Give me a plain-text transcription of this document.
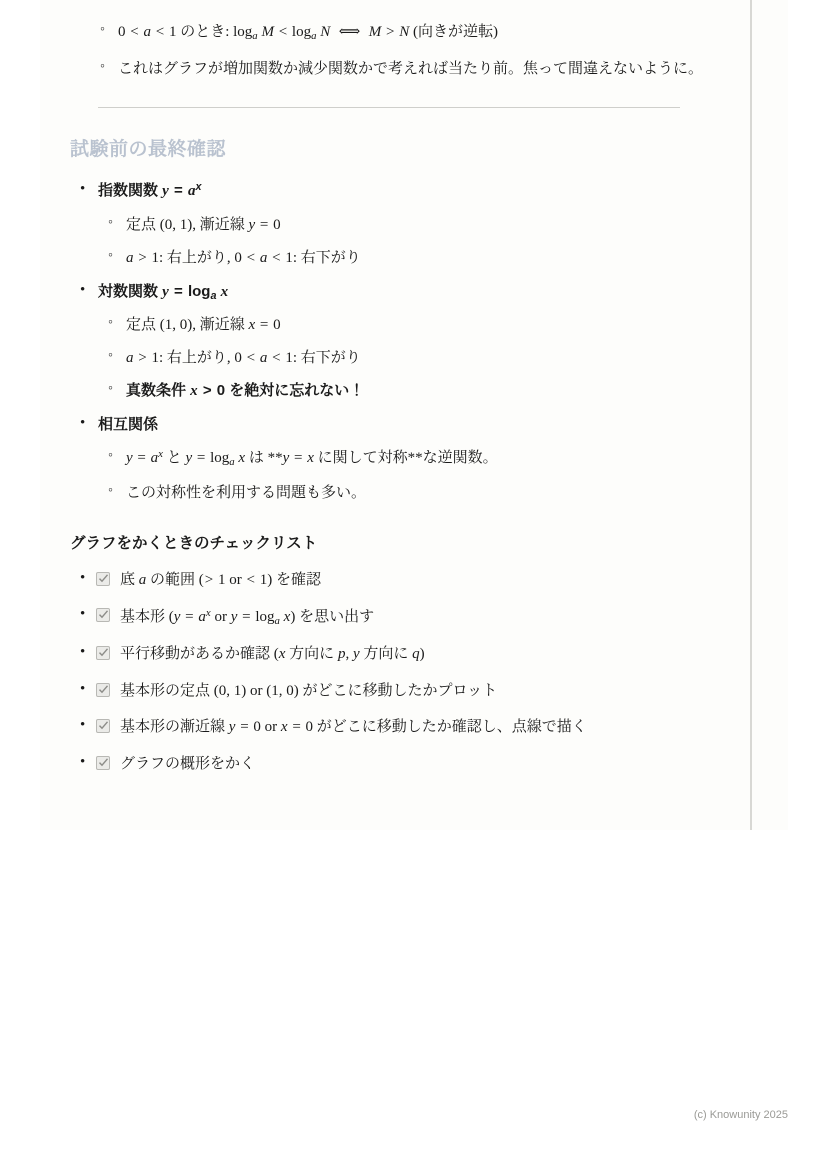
◦ 0 < a < 1 のとき: $\log_a M < \log_a N$  ⟺  M > N (向きが逆転)
◦ これはグラフが増加関数か減少関数かで考えれば当たり前。焦って間違えないように。
試験前の最終確認
• 指数関数 $y = a^x$
◦ 定点 (0, 1), 漸近線 y = 0
◦ a > 1: 右上がり, 0 < a < 1: 右下がり
• 対数関数 $y = \log_a x$
◦ 定点 (1, 0), 漸近線 x = 0
◦ a > 1: 右上がり, 0 < a < 1: 右下がり
◦ 真数条件 x > 0 を絶対に忘れない！
• 相互関係
◦ $y = a^x$ と $y = \log_a x$ は **y = x に関して対称**な逆関数。
◦ この対称性を利用する問題も多い。
グラフをかくときのチェックリスト
• 底 a の範囲 (> 1 or < 1) を確認
• 基本形 ($y = a^x$ or $y = \log_a x$) を思い出す
• 平行移動があるか確認 (x 方向に p, y 方向に q)
• 基本形の定点 (0, 1) or (1, 0) がどこに移動したかプロット
• 基本形の漸近線 y = 0 or x = 0 がどこに移動したか確認し、点線で描く
• グラフの概形をかく
(c) Knowunity 2025
